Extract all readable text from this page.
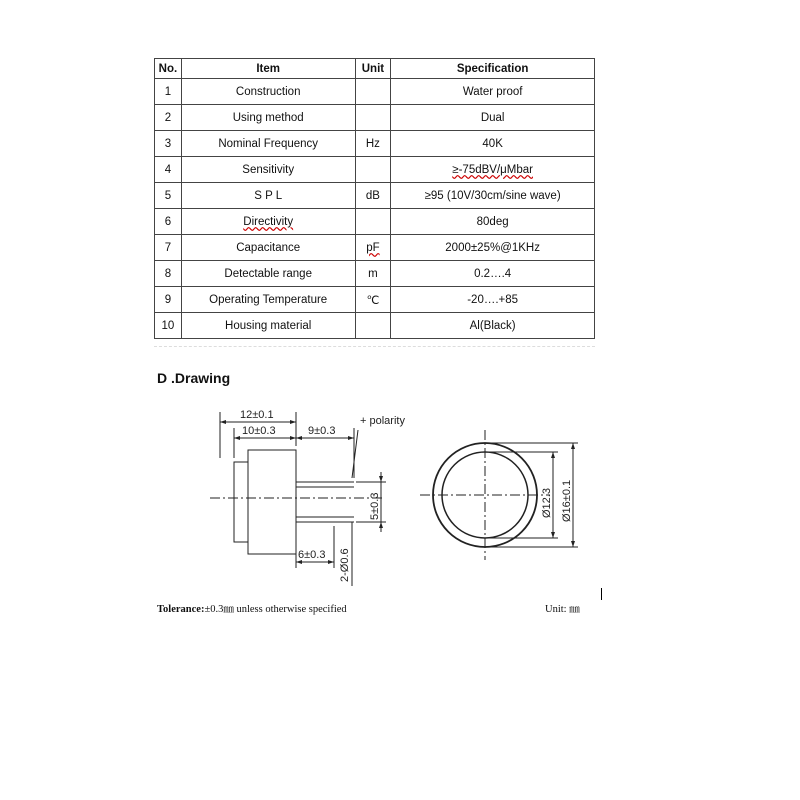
No.	Item	Unit	Specification
1	Construction		Water proof
2	Using method		Dual
3	Nominal Frequency	Hz	40K
4	Sensitivity		≥-75dBV/μMbar
5	S P L	dB	≥95 (10V/30cm/sine wave)
6	Directivity		80deg
7	Capacitance	pF	2000±25%@1KHz
8	Detectable range	m	0.2….4
9	Operating Temperature	℃	-20….+85
10	Housing material		Al(Black)
D .Drawing
12±0.1
10±0.3	9±0.3
+ polarity
5±0.3
6±0.3 2-Ø0.6
Ø12.3 Ø16±0.1
Tolerance:±0.3㎜ unless otherwise specified	Unit: ㎜
